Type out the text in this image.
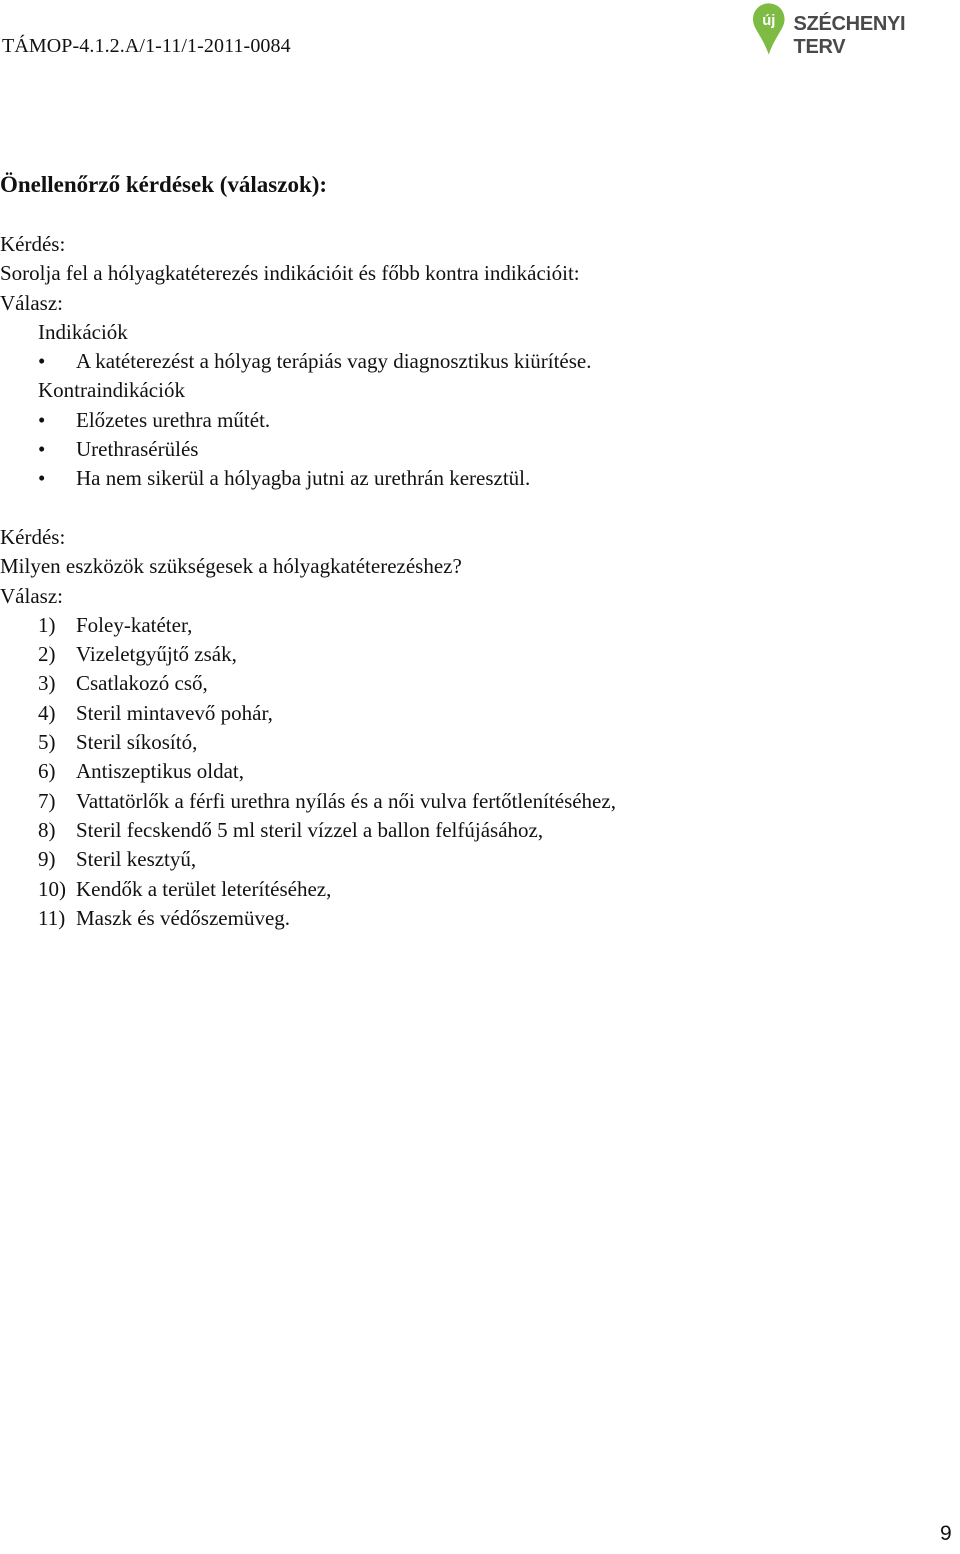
TÁMOP-4.1.2.A/1-11/1-2011-0084
új SZÉCHENYI TERV
Önellenőrző kérdések (válaszok):
Kérdés:
Sorolja fel a hólyagkatéterezés indikációit és főbb kontra indikációit:
Válasz:
Indikációk
•	A katéterezést a hólyag terápiás vagy diagnosztikus kiürítése.
Kontraindikációk
•	Előzetes urethra műtét.
•	Urethrasérülés
•	Ha nem sikerül a hólyagba jutni az urethrán keresztül.
Kérdés:
Milyen eszközök szükségesek a hólyagkatéterezéshez?
Válasz:
1) Foley-katéter,
2) Vizeletgyűjtő zsák,
3) Csatlakozó cső,
4) Steril mintavevő pohár,
5) Steril síkosító,
6) Antiszeptikus oldat,
7) Vattatörlők a férfi urethra nyílás és a női vulva fertőtlenítéséhez,
8) Steril fecskendő 5 ml steril vízzel a ballon felfújásához,
9) Steril kesztyű,
10) Kendők a terület leterítéséhez,
11) Maszk és védőszemüveg.
9
